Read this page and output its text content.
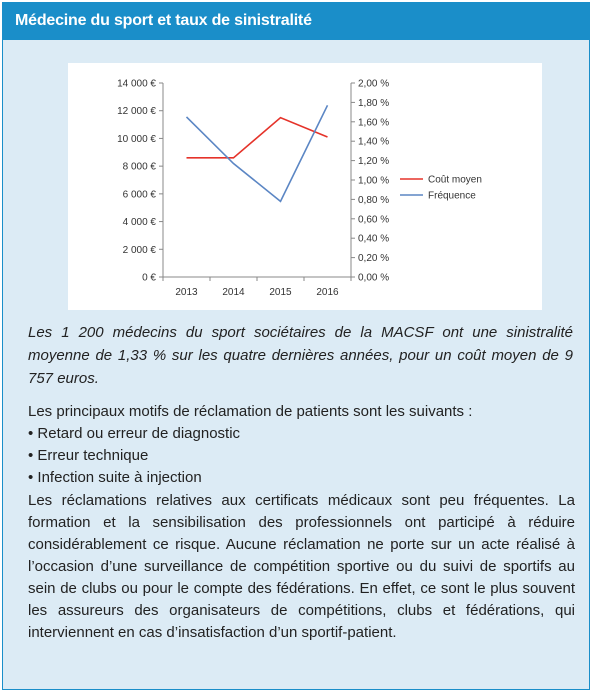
Médecine du sport et taux de sinistralité
14 000 €
12 000 €
10 000 €
8 000 €
6 000 €
4 000 €
2 000 €
0 €
2,00 %
1,80 %
1,60 %
1,40 %
1,20 %
1,00 %
0,80 %
0,60 %
0,40 %
0,20 %
0,00 %
2013 2014 2015 2016
Coût moyen
Fréquence
Les 1 200 médecins du sport sociétaires de la MACSF ont une sinistralité moyenne de 1,33 % sur les quatre dernières années, pour un coût moyen de 9 757 euros.
Les principaux motifs de réclamation de patients sont les suivants :
• Retard ou erreur de diagnostic
• Erreur technique
• Infection suite à injection
Les réclamations relatives aux certificats médicaux sont peu fréquentes. La formation et la sensibilisation des professionnels ont participé à réduire considérablement ce risque. Aucune réclamation ne porte sur un acte réalisé à l’occasion d’une surveillance de compétition sportive ou du suivi de sportifs au sein de clubs ou pour le compte des fédérations. En effet, ce sont le plus souvent les assureurs des organisateurs de compétitions, clubs et fédérations, qui interviennent en cas d’insatisfaction d’un sportif-patient.
